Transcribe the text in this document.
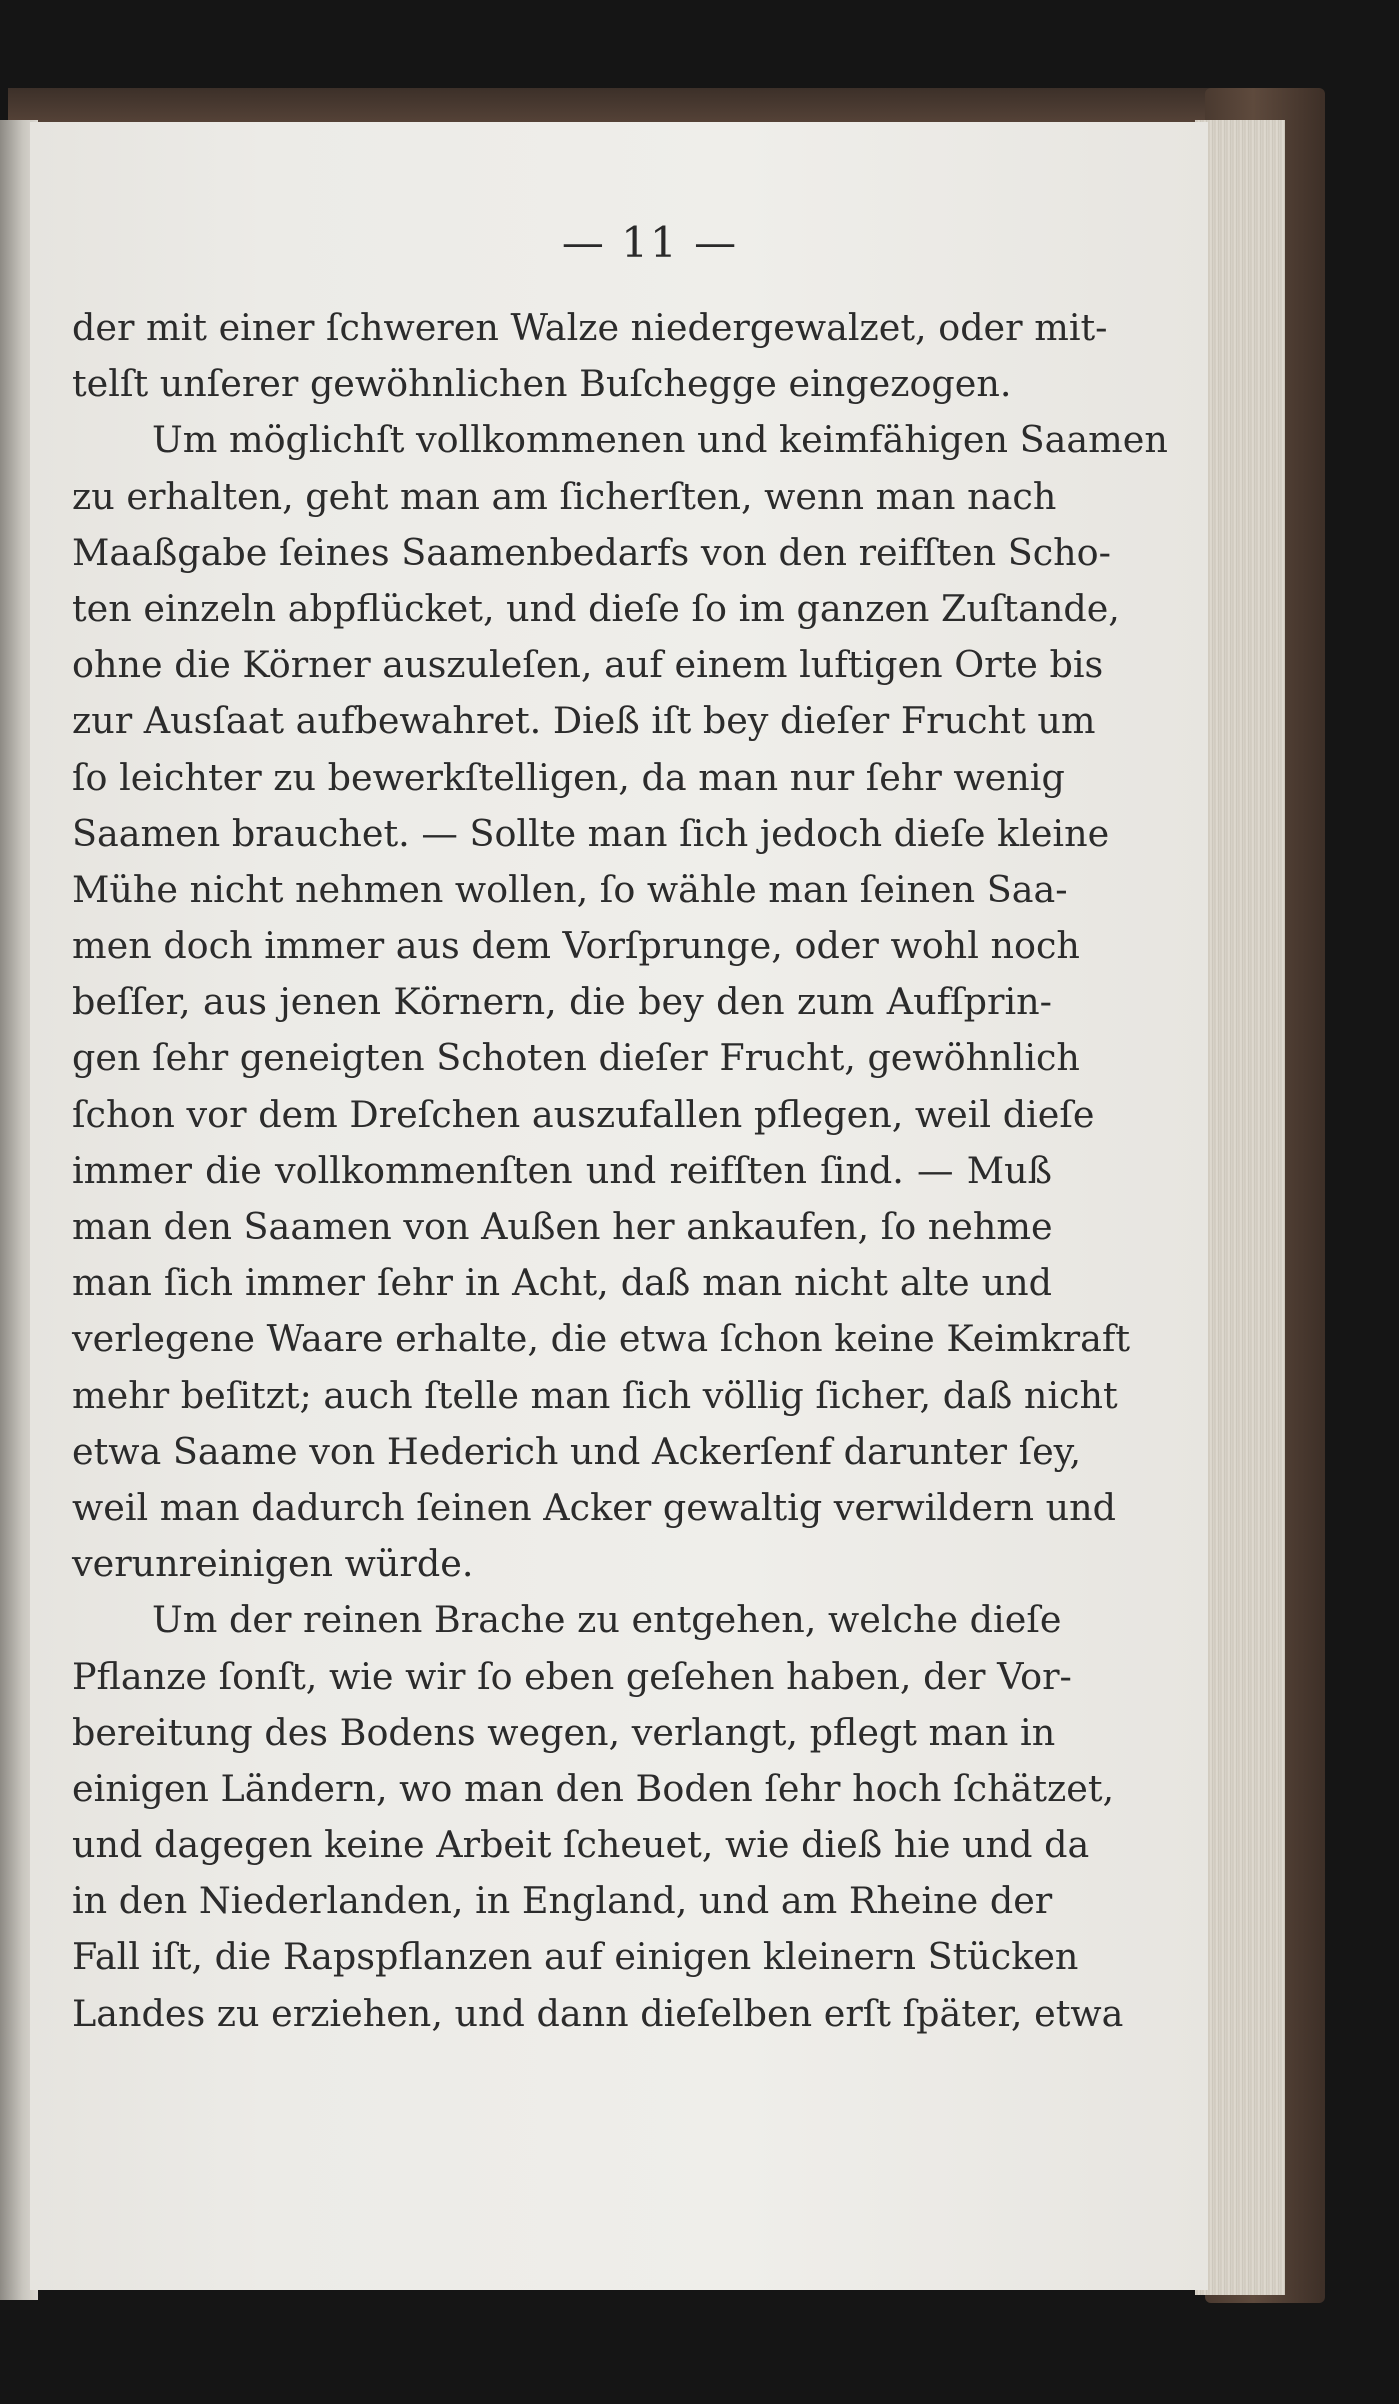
— 11 —
der mit einer ſchweren Walze niedergewalzet, oder mit-
telſt unſerer gewöhnlichen Buſchegge eingezogen.
Um möglichſt vollkommenen und keimfähigen Saamen
zu erhalten, geht man am ſicherſten, wenn man nach
Maaßgabe ſeines Saamenbedarfs von den reifſten Scho-
ten einzeln abpflücket, und dieſe ſo im ganzen Zuſtande,
ohne die Körner auszuleſen, auf einem luftigen Orte bis
zur Ausſaat aufbewahret. Dieß iſt bey dieſer Frucht um
ſo leichter zu bewerkſtelligen, da man nur ſehr wenig
Saamen brauchet. — Sollte man ſich jedoch dieſe kleine
Mühe nicht nehmen wollen, ſo wähle man ſeinen Saa-
men doch immer aus dem Vorſprunge, oder wohl noch
beſſer, aus jenen Körnern, die bey den zum Aufſprin-
gen ſehr geneigten Schoten dieſer Frucht, gewöhnlich
ſchon vor dem Dreſchen auszufallen pflegen, weil dieſe
immer die vollkommenſten und reifſten ſind. — Muß
man den Saamen von Außen her ankaufen, ſo nehme
man ſich immer ſehr in Acht, daß man nicht alte und
verlegene Waare erhalte, die etwa ſchon keine Keimkraft
mehr beſitzt; auch ſtelle man ſich völlig ſicher, daß nicht
etwa Saame von Hederich und Ackerſenf darunter ſey,
weil man dadurch ſeinen Acker gewaltig verwildern und
verunreinigen würde.
Um der reinen Brache zu entgehen, welche dieſe
Pflanze ſonſt, wie wir ſo eben geſehen haben, der Vor-
bereitung des Bodens wegen, verlangt, pflegt man in
einigen Ländern, wo man den Boden ſehr hoch ſchätzet,
und dagegen keine Arbeit ſcheuet, wie dieß hie und da
in den Niederlanden, in England, und am Rheine der
Fall iſt, die Rapspflanzen auf einigen kleinern Stücken
Landes zu erziehen, und dann dieſelben erſt ſpäter, etwa
